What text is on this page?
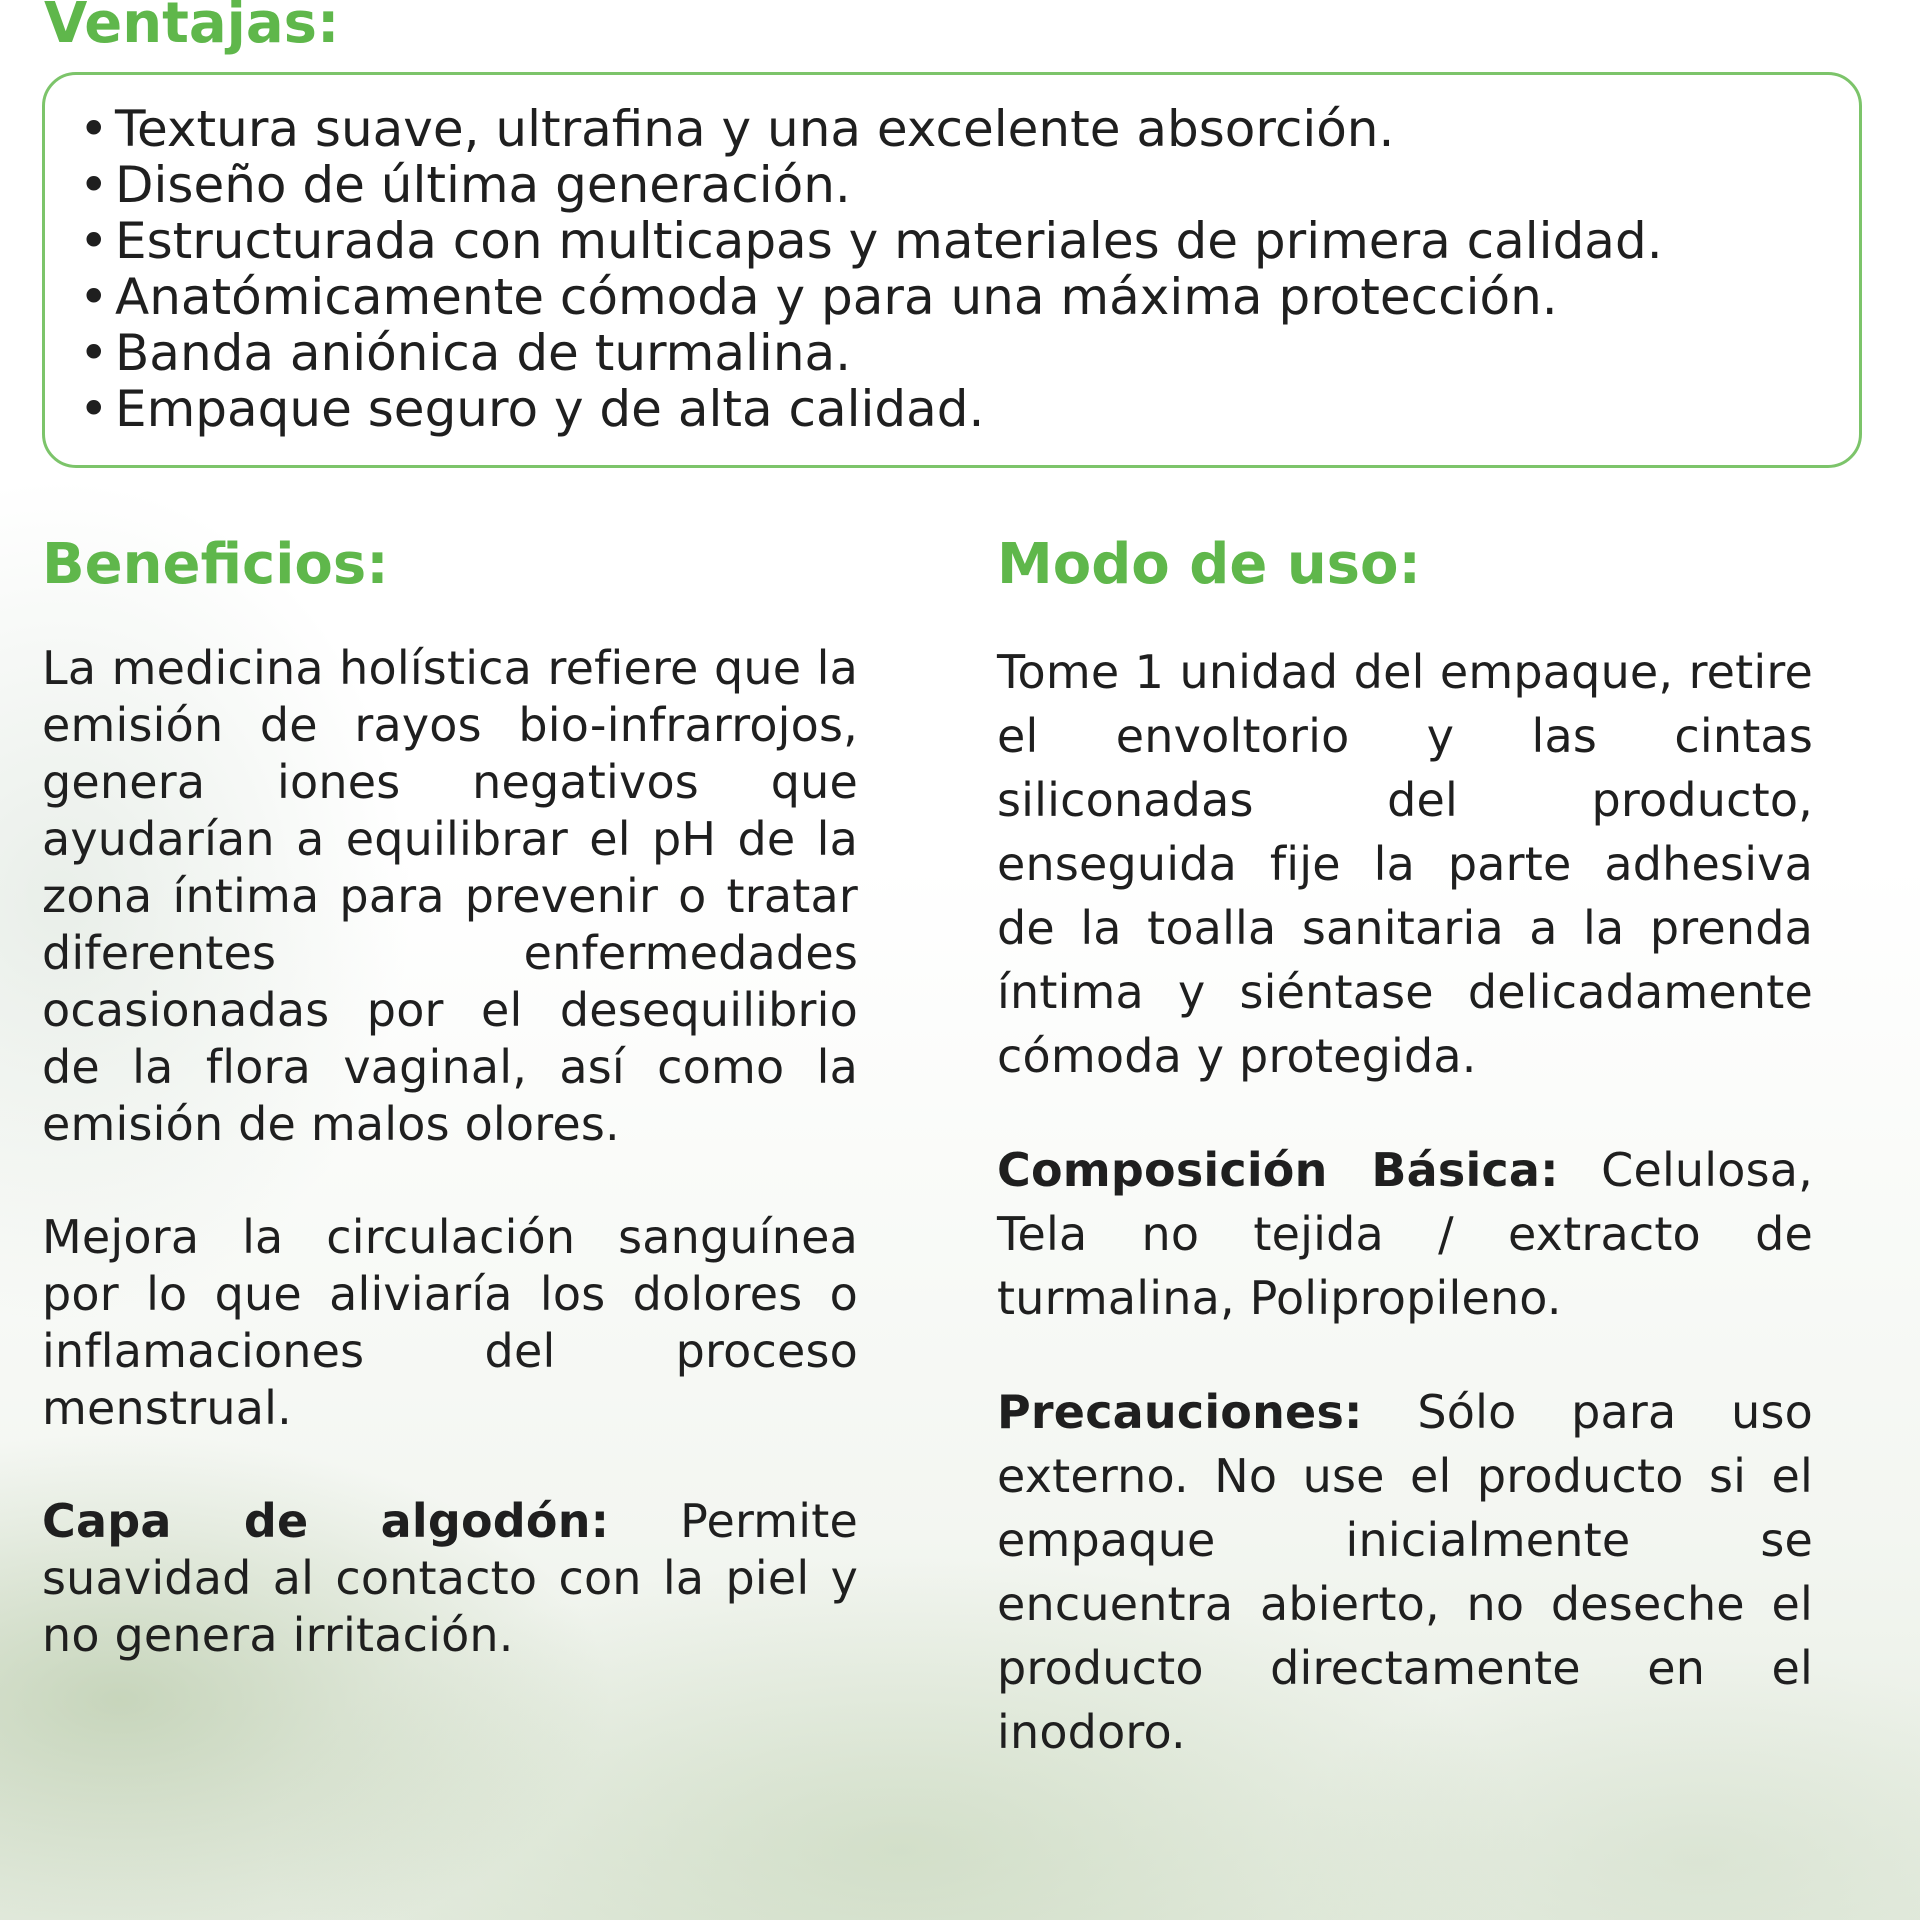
Ventajas:
• Textura suave, ultrafina y una excelente absorción.
• Diseño de última generación.
• Estructurada con multicapas y materiales de primera calidad.
• Anatómicamente cómoda y para una máxima protección.
• Banda aniónica de turmalina.
• Empaque seguro y de alta calidad.
Beneficios:	Modo de uso:

La medicina holística refiere que la emisión de rayos bio-infrarrojos, genera iones negativos que ayudarían a equilibrar el pH de la zona íntima para prevenir o tratar diferentes enfermedades ocasionadas por el desequilibrio de la flora vaginal, así como la emisión de malos olores.

Mejora la circulación sanguínea por lo que aliviaría los dolores o inflamaciones del proceso menstrual.

Capa de algodón: Permite suavidad al contacto con la piel y no genera irritación.

Tome 1 unidad del empaque, retire el envoltorio y las cintas siliconadas del producto, enseguida fije la parte adhesiva de la toalla sanitaria a la prenda íntima y siéntase delicadamente cómoda y protegida.

Composición Básica: Celulosa, Tela no tejida / extracto de turmalina, Polipropileno.

Precauciones: Sólo para uso externo. No use el producto si el empaque inicialmente se encuentra abierto, no deseche el producto directamente en el inodoro.
